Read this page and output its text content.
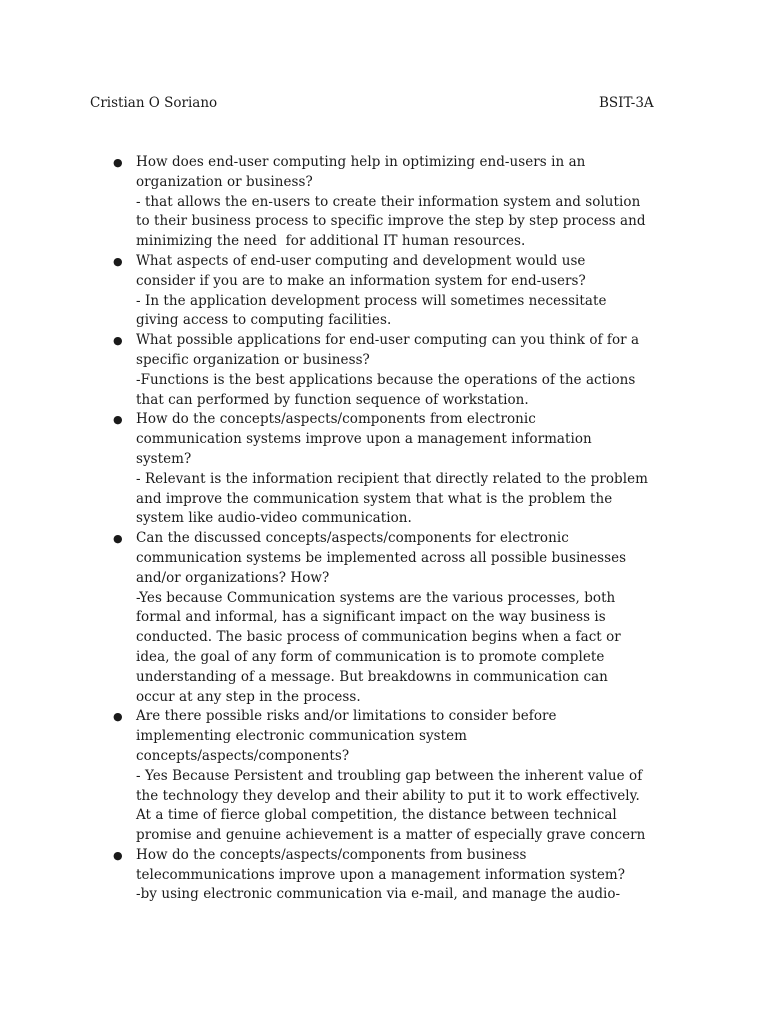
Cristian O Soriano	BSIT-3A
● How does end-user computing help in optimizing end-users in an
organization or business?
- that allows the en-users to create their information system and solution
to their business process to specific improve the step by step process and
minimizing the need  for additional IT human resources.
● What aspects of end-user computing and development would use
consider if you are to make an information system for end-users?
- In the application development process will sometimes necessitate
giving access to computing facilities.
● What possible applications for end-user computing can you think of for a
specific organization or business?
-Functions is the best applications because the operations of the actions
that can performed by function sequence of workstation.
● How do the concepts/aspects/components from electronic
communication systems improve upon a management information
system?
- Relevant is the information recipient that directly related to the problem
and improve the communication system that what is the problem the
system like audio-video communication.
● Can the discussed concepts/aspects/components for electronic
communication systems be implemented across all possible businesses
and/or organizations? How?
-Yes because Communication systems are the various processes, both
formal and informal, has a significant impact on the way business is
conducted. The basic process of communication begins when a fact or
idea, the goal of any form of communication is to promote complete
understanding of a message. But breakdowns in communication can
occur at any step in the process.
● Are there possible risks and/or limitations to consider before
implementing electronic communication system
concepts/aspects/components?
- Yes Because Persistent and troubling gap between the inherent value of
the technology they develop and their ability to put it to work effectively.
At a time of fierce global competition, the distance between technical
promise and genuine achievement is a matter of especially grave concern
● How do the concepts/aspects/components from business
telecommunications improve upon a management information system?
-by using electronic communication via e-mail, and manage the audio-
